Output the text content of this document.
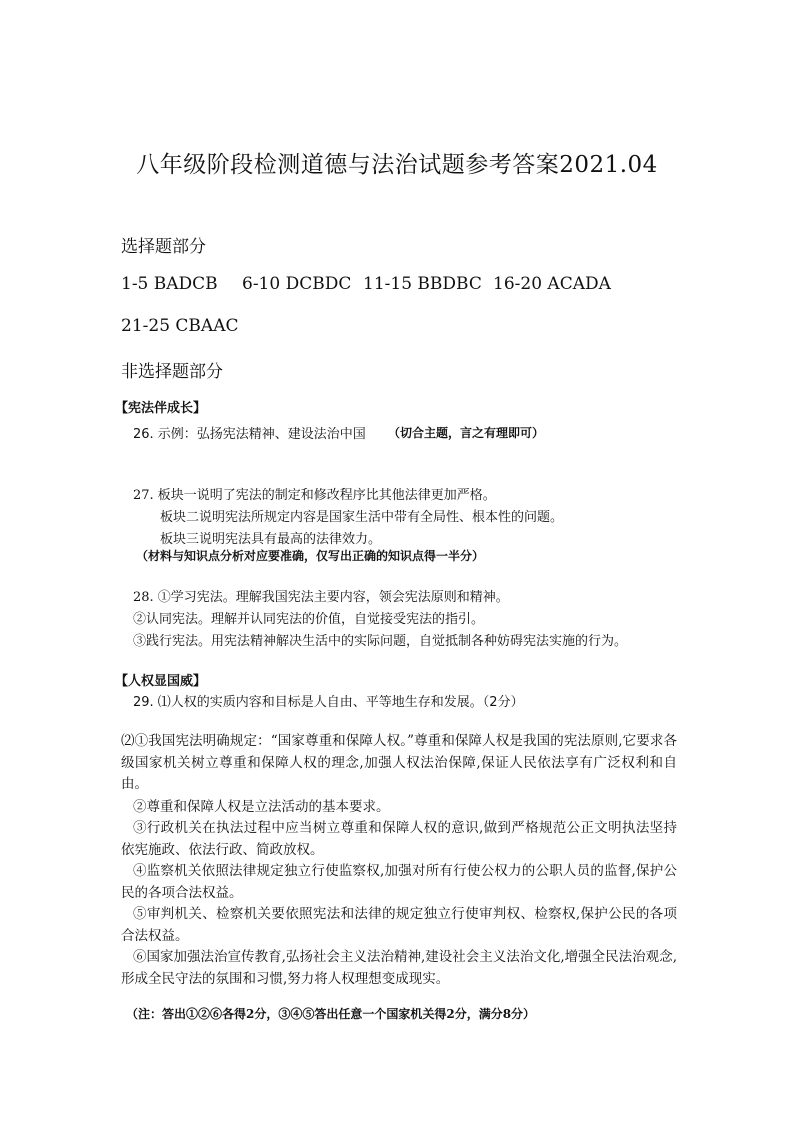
八年级阶段检测道德与法治试题参考答案2021.04
选择题部分
1-5 BADCB 6-10 DCBDC 11-15 BBDBC 16-20 ACADA
21-25 CBAAC
非选择题部分
【宪法伴成长】
26. 示例：弘扬宪法精神、建设法治中国 （切合主题，言之有理即可）
27. 板块一说明了宪法的制定和修改程序比其他法律更加严格。
板块二说明宪法所规定内容是国家生活中带有全局性、根本性的问题。
板块三说明宪法具有最高的法律效力。
（材料与知识点分析对应要准确，仅写出正确的知识点得一半分）
28. ①学习宪法。理解我国宪法主要内容，领会宪法原则和精神。
②认同宪法。理解并认同宪法的价值，自觉接受宪法的指引。
③践行宪法。用宪法精神解决生活中的实际问题，自觉抵制各种妨碍宪法实施的行为。
【人权显国威】
29. ⑴人权的实质内容和目标是人自由、平等地生存和发展。（2分）
⑵①我国宪法明确规定：“国家尊重和保障人权。”尊重和保障人权是我国的宪法原则,它要求各级国家机关树立尊重和保障人权的理念,加强人权法治保障,保证人民依法享有广泛权利和自由。
②尊重和保障人权是立法活动的基本要求。
③行政机关在执法过程中应当树立尊重和保障人权的意识,做到严格规范公正文明执法坚持依宪施政、依法行政、简政放权。
④监察机关依照法律规定独立行使监察权,加强对所有行使公权力的公职人员的监督,保护公民的各项合法权益。
⑤审判机关、检察机关要依照宪法和法律的规定独立行使审判权、检察权,保护公民的各项合法权益。
⑥国家加强法治宣传教育,弘扬社会主义法治精神,建设社会主义法治文化,增强全民法治观念,形成全民守法的氛围和习惯,努力将人权理想变成现实。
（注：答出①②⑥各得2分，③④⑤答出任意一个国家机关得2分，满分8分）
